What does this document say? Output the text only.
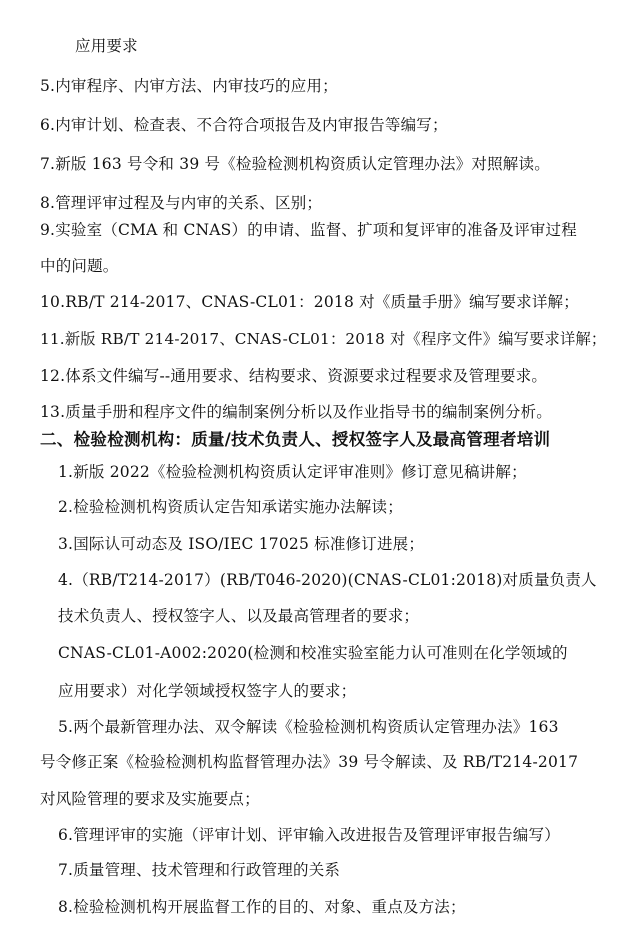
应用要求
5.内审程序、内审方法、内审技巧的应用；
6.内审计划、检查表、不合符合项报告及内审报告等编写；
7.新版 163 号令和 39 号《检验检测机构资质认定管理办法》对照解读。
8.管理评审过程及与内审的关系、区别；
9.实验室（CMA 和 CNAS）的申请、监督、扩项和复评审的准备及评审过程
中的问题。
10.RB/T 214-2017、CNAS-CL01：2018 对《质量手册》编写要求详解；
11.新版 RB/T 214-2017、CNAS-CL01：2018 对《程序文件》编写要求详解；
12.体系文件编写--通用要求、结构要求、资源要求过程要求及管理要求。
13.质量手册和程序文件的编制案例分析以及作业指导书的编制案例分析。
二、检验检测机构：质量/技术负责人、授权签字人及最高管理者培训
1.新版 2022《检验检测机构资质认定评审准则》修订意见稿讲解；
2.检验检测机构资质认定告知承诺实施办法解读；
3.国际认可动态及 ISO/IEC 17025 标准修订进展；
4.（RB/T214-2017）(RB/T046-2020)(CNAS-CL01:2018)对质量负责人
技术负责人、授权签字人、以及最高管理者的要求；
CNAS-CL01-A002:2020(检测和校准实验室能力认可准则在化学领域的
应用要求）对化学领域授权签字人的要求；
5.两个最新管理办法、双令解读《检验检测机构资质认定管理办法》163
号令修正案《检验检测机构监督管理办法》39 号令解读、及 RB/T214-2017
对风险管理的要求及实施要点；
6.管理评审的实施（评审计划、评审输入改进报告及管理评审报告编写）
7.质量管理、技术管理和行政管理的关系
8.检验检测机构开展监督工作的目的、对象、重点及方法；
